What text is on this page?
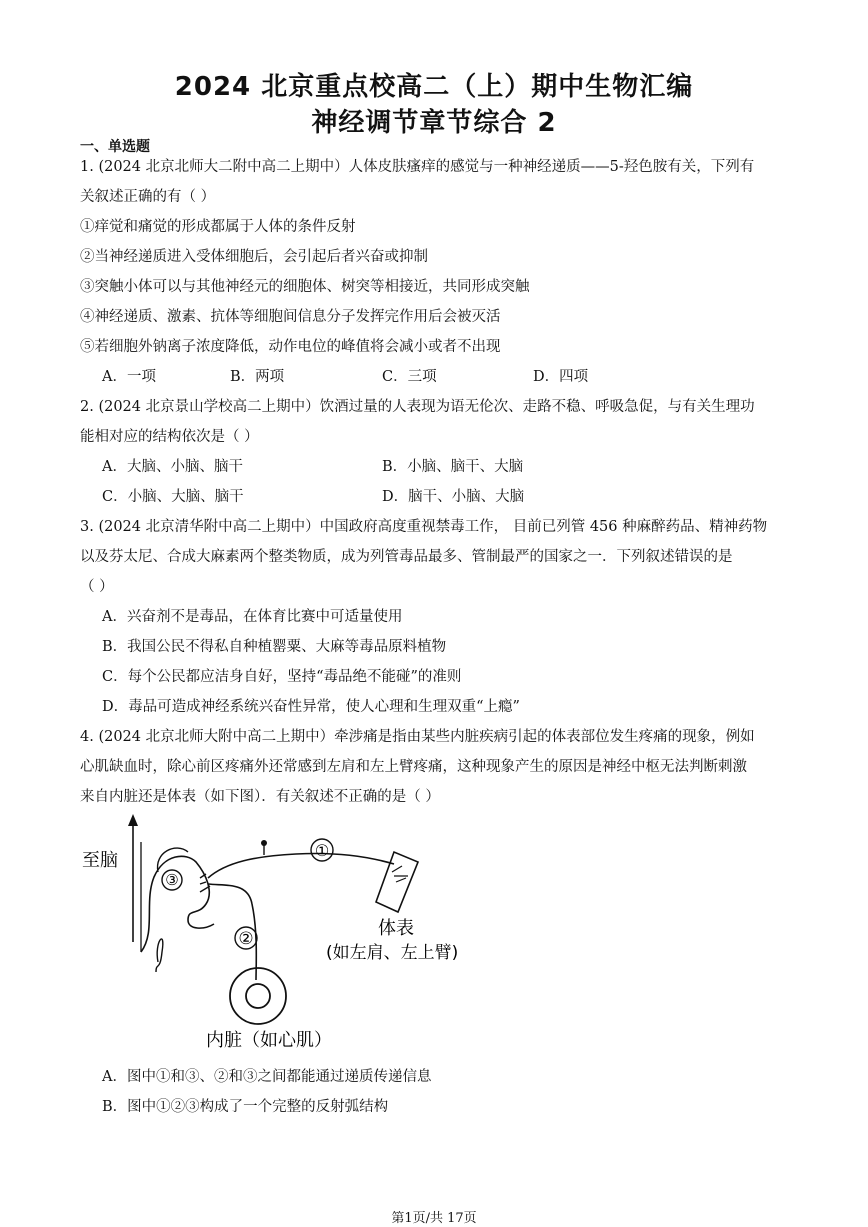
2024 北京重点校高二（上）期中生物汇编
神经调节章节综合 2
一、单选题
1. (2024 北京北师大二附中高二上期中）人体皮肤瘙痒的感觉与一种神经递质——5-羟色胺有关，下列有
关叙述正确的有（ ）
①痒觉和痛觉的形成都属于人体的条件反射
②当神经递质进入受体细胞后，会引起后者兴奋或抑制
③突触小体可以与其他神经元的细胞体、树突等相接近，共同形成突触
④神经递质、激素、抗体等细胞间信息分子发挥完作用后会被灭活
⑤若细胞外钠离子浓度降低，动作电位的峰值将会减小或者不出现
A．一项	B．两项	C．三项	D．四项
2. (2024 北京景山学校高二上期中）饮酒过量的人表现为语无伦次、走路不稳、呼吸急促，与有关生理功
能相对应的结构依次是（ ）
A．大脑、小脑、脑干	B．小脑、脑干、大脑
C．小脑、大脑、脑干	D．脑干、小脑、大脑
3. (2024 北京清华附中高二上期中）中国政府高度重视禁毒工作， 目前已列管 456 种麻醉药品、精神药物
以及芬太尼、合成大麻素两个整类物质，成为列管毒品最多、管制最严的国家之一．下列叙述错误的是
（ ）
A．兴奋剂不是毒品，在体育比赛中可适量使用
B．我国公民不得私自种植罂粟、大麻等毒品原料植物
C．每个公民都应洁身自好，坚持“毒品绝不能碰”的准则
D．毒品可造成神经系统兴奋性异常，使人心理和生理双重“上瘾”
4. (2024 北京北师大附中高二上期中）牵涉痛是指由某些内脏疾病引起的体表部位发生疼痛的现象，例如
心肌缺血时，除心前区疼痛外还常感到左肩和左上臂疼痛，这种现象产生的原因是神经中枢无法判断刺激
来自内脏还是体表（如下图）．有关叙述不正确的是（ ）
③
①
②
至脑
体表
(如左肩、左上臂)
内脏（如心肌）
A．图中①和③、②和③之间都能通过递质传递信息
B．图中①②③构成了一个完整的反射弧结构
第1页/共 17页
